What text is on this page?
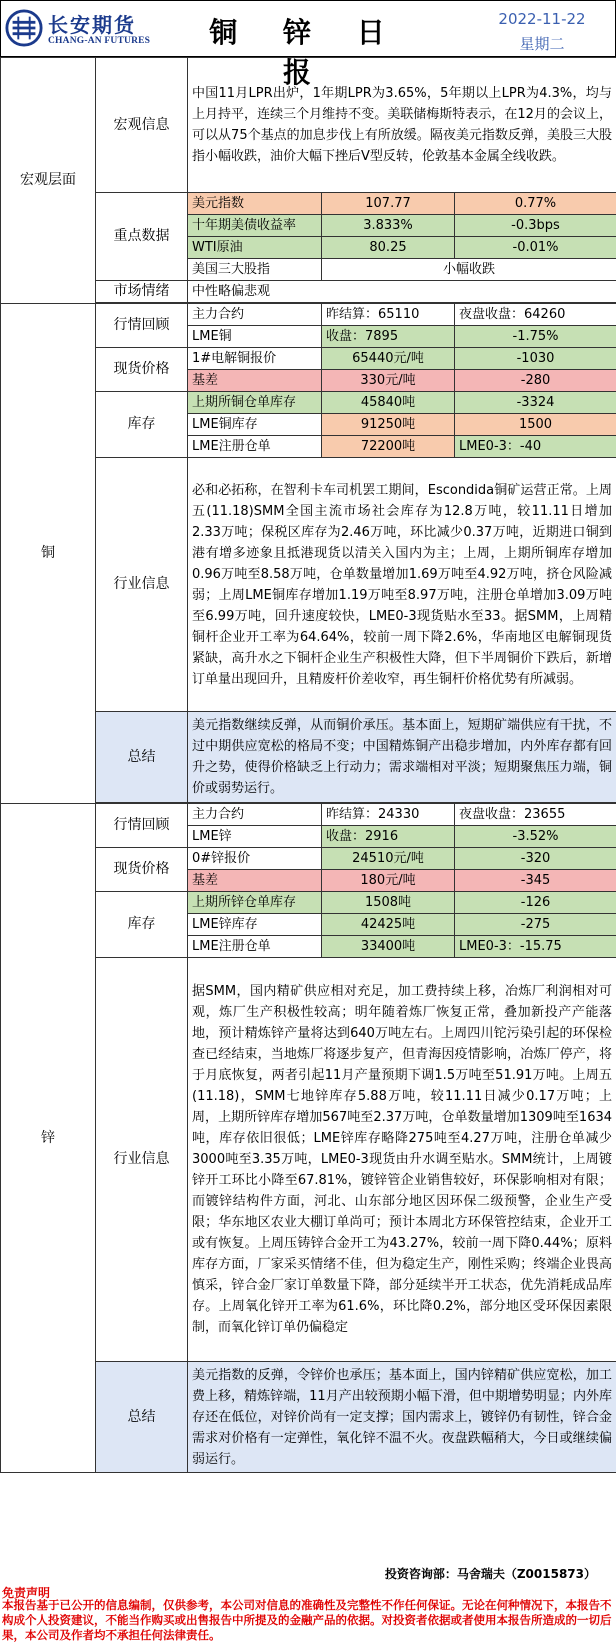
长安期货
CHANG-AN FUTURES	铜 锌 日 报
2022-11-22
星期二
宏观层面	宏观信息	中国11月LPR出炉，1年期LPR为3.65%，5年期以上LPR为4.3%，均与上月持平，连续三个月维持不变。美联储梅斯特表示，在12月的会议上，可以从75个基点的加息步伐上有所放缓。隔夜美元指数反弹，美股三大股指小幅收跌，油价大幅下挫后V型反转，伦敦基本金属全线收跌。		
	重点数据	美元指数	107.77	0.77%
		十年期美债收益率	3.833%	-0.3bps
		WTI原油	80.25	-0.01%
		美国三大股指	小幅收跌	
	市场情绪	中性略偏悲观		

铜	行情回顾	主力合约	昨结算：65110	夜盘收盘：64260
		LME铜	收盘：7895	-1.75%
	现货价格	1#电解铜报价	65440元/吨	-1030
		基差	330元/吨	-280
	库存	上期所铜仓单库存	45840吨	-3324
		LME铜库存	91250吨	1500
		LME注册仓单	72200吨	LME0-3：-40
	行业信息	必和必拓称，在智利卡车司机罢工期间，Escondida铜矿运营正常。上周五(11.18)SMM全国主流市场社会库存为12.8万吨，较11.11日增加2.33万吨；保税区库存为2.46万吨，环比减少0.37万吨，近期进口铜到港有增多迹象且抵港现货以清关入国内为主；上周，上期所铜库存增加0.96万吨至8.58万吨，仓单数量增加1.69万吨至4.92万吨，挤仓风险减弱；上周LME铜库存增加1.19万吨至8.97万吨，注册仓单增加3.09万吨至6.99万吨，回升速度较快，LME0-3现货贴水至33。据SMM，上周精铜杆企业开工率为64.64%，较前一周下降2.6%，华南地区电解铜现货紧缺，高升水之下铜杆企业生产积极性大降，但下半周铜价下跌后，新增订单量出现回升，且精废杆价差收窄，再生铜杆价格优势有所减弱。		
	总结	美元指数继续反弹，从而铜价承压。基本面上，短期矿端供应有干扰，不过中期供应宽松的格局不变；中国精炼铜产出稳步增加，内外库存都有回升之势，使得价格缺乏上行动力；需求端相对平淡；短期聚焦压力端，铜价或弱势运行。		

锌	行情回顾	主力合约	昨结算：24330	夜盘收盘：23655
		LME锌	收盘：2916	-3.52%
	现货价格	0#锌报价	24510元/吨	-320
		基差	180元/吨	-345
	库存	上期所锌仓单库存	1508吨	-126
		LME锌库存	42425吨	-275
		LME注册仓单	33400吨	LME0-3：-15.75
	行业信息	据SMM，国内精矿供应相对充足，加工费持续上移，冶炼厂利润相对可观，炼厂生产积极性较高；明年随着炼厂恢复正常，叠加新投产产能落地，预计精炼锌产量将达到640万吨左右。上周四川铊污染引起的环保检查已经结束，当地炼厂将逐步复产，但青海因疫情影响，冶炼厂停产，将于月底恢复，两者引起11月产量预期下调1.5万吨至51.91万吨。上周五(11.18)，SMM七地锌库存5.88万吨，较11.11日减少0.17万吨；上周，上期所锌库存增加567吨至2.37万吨，仓单数量增加1309吨至1634吨，库存依旧很低；LME锌库存略降275吨至4.27万吨，注册仓单减少3000吨至3.35万吨，LME0-3现货由升水调至贴水。SMM统计，上周镀锌开工环比小降至67.81%，镀锌管企业销售较好，环保影响相对有限；而镀锌结构件方面，河北、山东部分地区因环保二级预警，企业生产受限；华东地区农业大棚订单尚可；预计本周北方环保管控结束，企业开工或有恢复。上周压铸锌合金开工为43.27%，较前一周下降0.44%；原料库存方面，厂家采买情绪不佳，但为稳定生产，刚性采购；终端企业畏高慎采，锌合金厂家订单数量下降，部分延续半开工状态，优先消耗成品库存。上周氧化锌开工率为61.6%，环比降0.2%，部分地区受环保因素限制，而氧化锌订单仍偏稳定		
	总结	美元指数的反弹，令锌价也承压；基本面上，国内锌精矿供应宽松，加工费上移，精炼锌端，11月产出较预期小幅下滑，但中期增势明显；内外库存还在低位，对锌价尚有一定支撑；国内需求上，镀锌仍有韧性，锌合金需求对价格有一定弹性，氧化锌不温不火。夜盘跌幅稍大，今日或继续偏弱运行。		
投资咨询部：马舍瑞夫（Z0015873）
免责声明
本报告基于已公开的信息编制，仅供参考，本公司对信息的准确性及完整性不作任何保证。无论在何种情况下，本报告不构成个人投资建议，不能当作购买或出售报告中所提及的金融产品的依据。对投资者依据或者使用本报告所造成的一切后果，本公司及作者均不承担任何法律责任。
